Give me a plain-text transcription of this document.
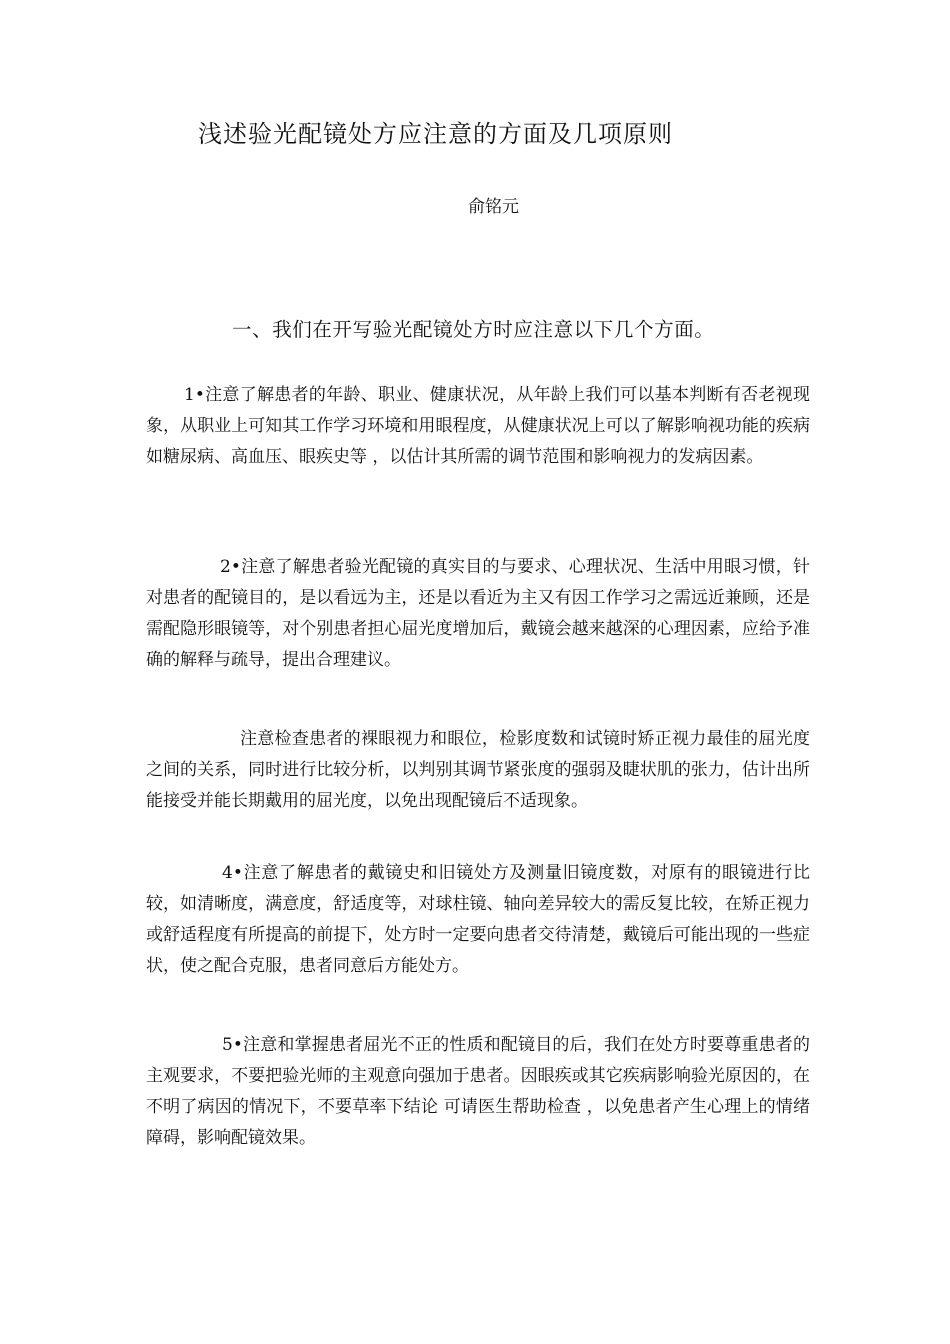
浅述验光配镜处方应注意的方面及几项原则
俞铭元
一、我们在开写验光配镜处方时应注意以下几个方面。

1•注意了解患者的年龄、职业、健康状况，从年龄上我们可以基本判断有否老视现象，从职业上可知其工作学习环境和用眼程度，从健康状况上可以了解影响视功能的疾病 如糖尿病、高血压、眼疾史等 ，以估计其所需的调节范围和影响视力的发病因素。

2•注意了解患者验光配镜的真实目的与要求、心理状况、生活中用眼习惯，针对患者的配镜目的，是以看远为主，还是以看近为主又有因工作学习之需远近兼顾，还是需配隐形眼镜等，对个别患者担心屈光度增加后，戴镜会越来越深的心理因素，应给予准确的解释与疏导，提出合理建议。

注意检查患者的裸眼视力和眼位，检影度数和试镜时矫正视力最佳的屈光度之间的关系，同时进行比较分析，以判别其调节紧张度的强弱及睫状肌的张力，估计出所能接受并能长期戴用的屈光度，以免出现配镜后不适现象。

4•注意了解患者的戴镜史和旧镜处方及测量旧镜度数，对原有的眼镜进行比较，如清晰度，满意度，舒适度等，对球柱镜、轴向差异较大的需反复比较，在矫正视力或舒适程度有所提高的前提下，处方时一定要向患者交待清楚，戴镜后可能出现的一些症状，使之配合克服，患者同意后方能处方。

5•注意和掌握患者屈光不正的性质和配镜目的后，我们在处方时要尊重患者的主观要求，不要把验光师的主观意向强加于患者。因眼疾或其它疾病影响验光原因的，在不明了病因的情况下，不要草率下结论 可请医生帮助检查 ，以免患者产生心理上的情绪障碍，影响配镜效果。
